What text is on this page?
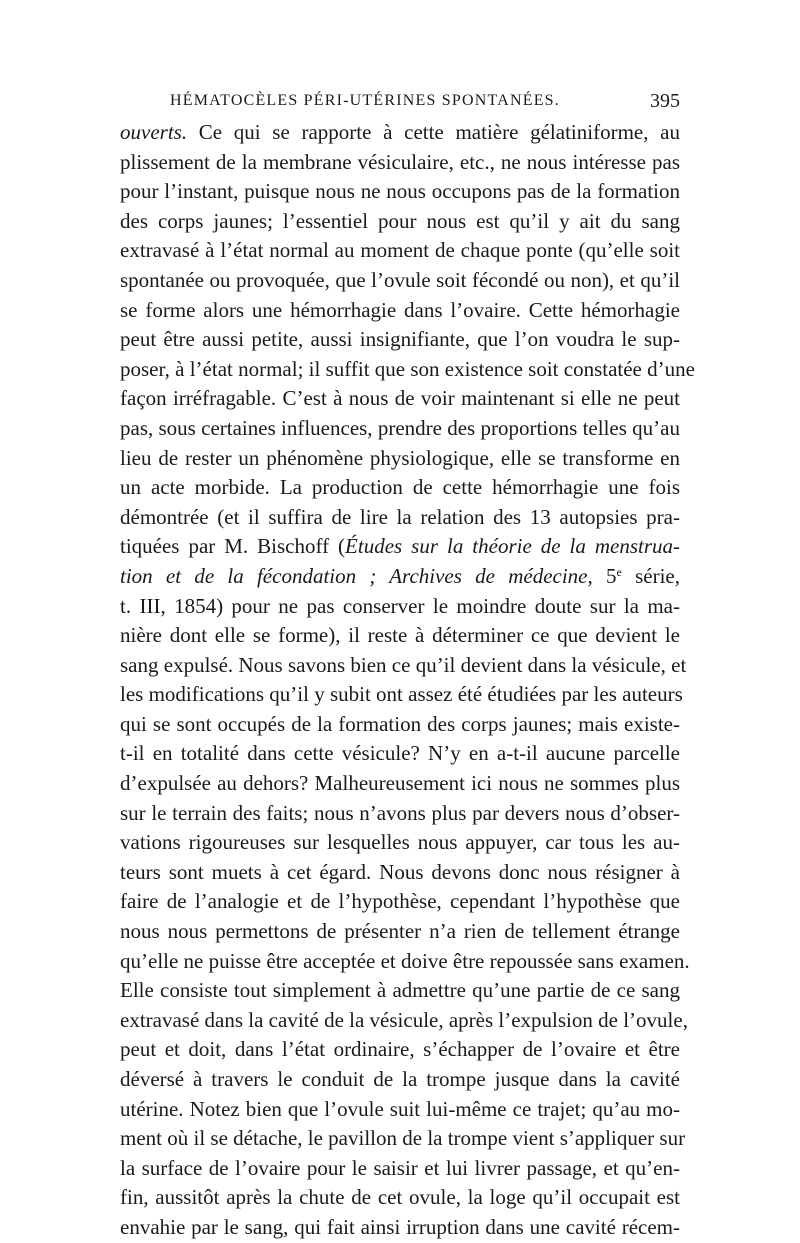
HÉMATOCÈLES PÉRI-UTÉRINES SPONTANÉES.	395
ouverts. Ce qui se rapporte à cette matière gélatiniforme, au
plissement de la membrane vésiculaire, etc., ne nous intéresse pas
pour l’instant, puisque nous ne nous occupons pas de la formation
des corps jaunes; l’essentiel pour nous est qu’il y ait du sang
extravasé à l’état normal au moment de chaque ponte (qu’elle soit
spontanée ou provoquée, que l’ovule soit fécondé ou non), et qu’il
se forme alors une hémorrhagie dans l’ovaire. Cette hémorhagie
peut être aussi petite, aussi insignifiante, que l’on voudra le sup-
poser, à l’état normal; il suffit que son existence soit constatée d’une
façon irréfragable. C’est à nous de voir maintenant si elle ne peut
pas, sous certaines influences, prendre des proportions telles qu’au
lieu de rester un phénomène physiologique, elle se transforme en
un acte morbide. La production de cette hémorrhagie une fois
démontrée (et il suffira de lire la relation des 13 autopsies pra-
tiquées par M. Bischoff (Études sur la théorie de la menstrua-
tion et de la fécondation ; Archives de médecine, 5e série,
t. III, 1854) pour ne pas conserver le moindre doute sur la ma-
nière dont elle se forme), il reste à déterminer ce que devient le
sang expulsé. Nous savons bien ce qu’il devient dans la vésicule, et
les modifications qu’il y subit ont assez été étudiées par les auteurs
qui se sont occupés de la formation des corps jaunes; mais existe-
t-il en totalité dans cette vésicule? N’y en a-t-il aucune parcelle
d’expulsée au dehors? Malheureusement ici nous ne sommes plus
sur le terrain des faits; nous n’avons plus par devers nous d’obser-
vations rigoureuses sur lesquelles nous appuyer, car tous les au-
teurs sont muets à cet égard. Nous devons donc nous résigner à
faire de l’analogie et de l’hypothèse, cependant l’hypothèse que
nous nous permettons de présenter n’a rien de tellement étrange
qu’elle ne puisse être acceptée et doive être repoussée sans examen.
Elle consiste tout simplement à admettre qu’une partie de ce sang
extravasé dans la cavité de la vésicule, après l’expulsion de l’ovule,
peut et doit, dans l’état ordinaire, s’échapper de l’ovaire et être
déversé à travers le conduit de la trompe jusque dans la cavité
utérine. Notez bien que l’ovule suit lui-même ce trajet; qu’au mo-
ment où il se détache, le pavillon de la trompe vient s’appliquer sur
la surface de l’ovaire pour le saisir et lui livrer passage, et qu’en-
fin, aussitôt après la chute de cet ovule, la loge qu’il occupait est
envahie par le sang, qui fait ainsi irruption dans une cavité récem-
